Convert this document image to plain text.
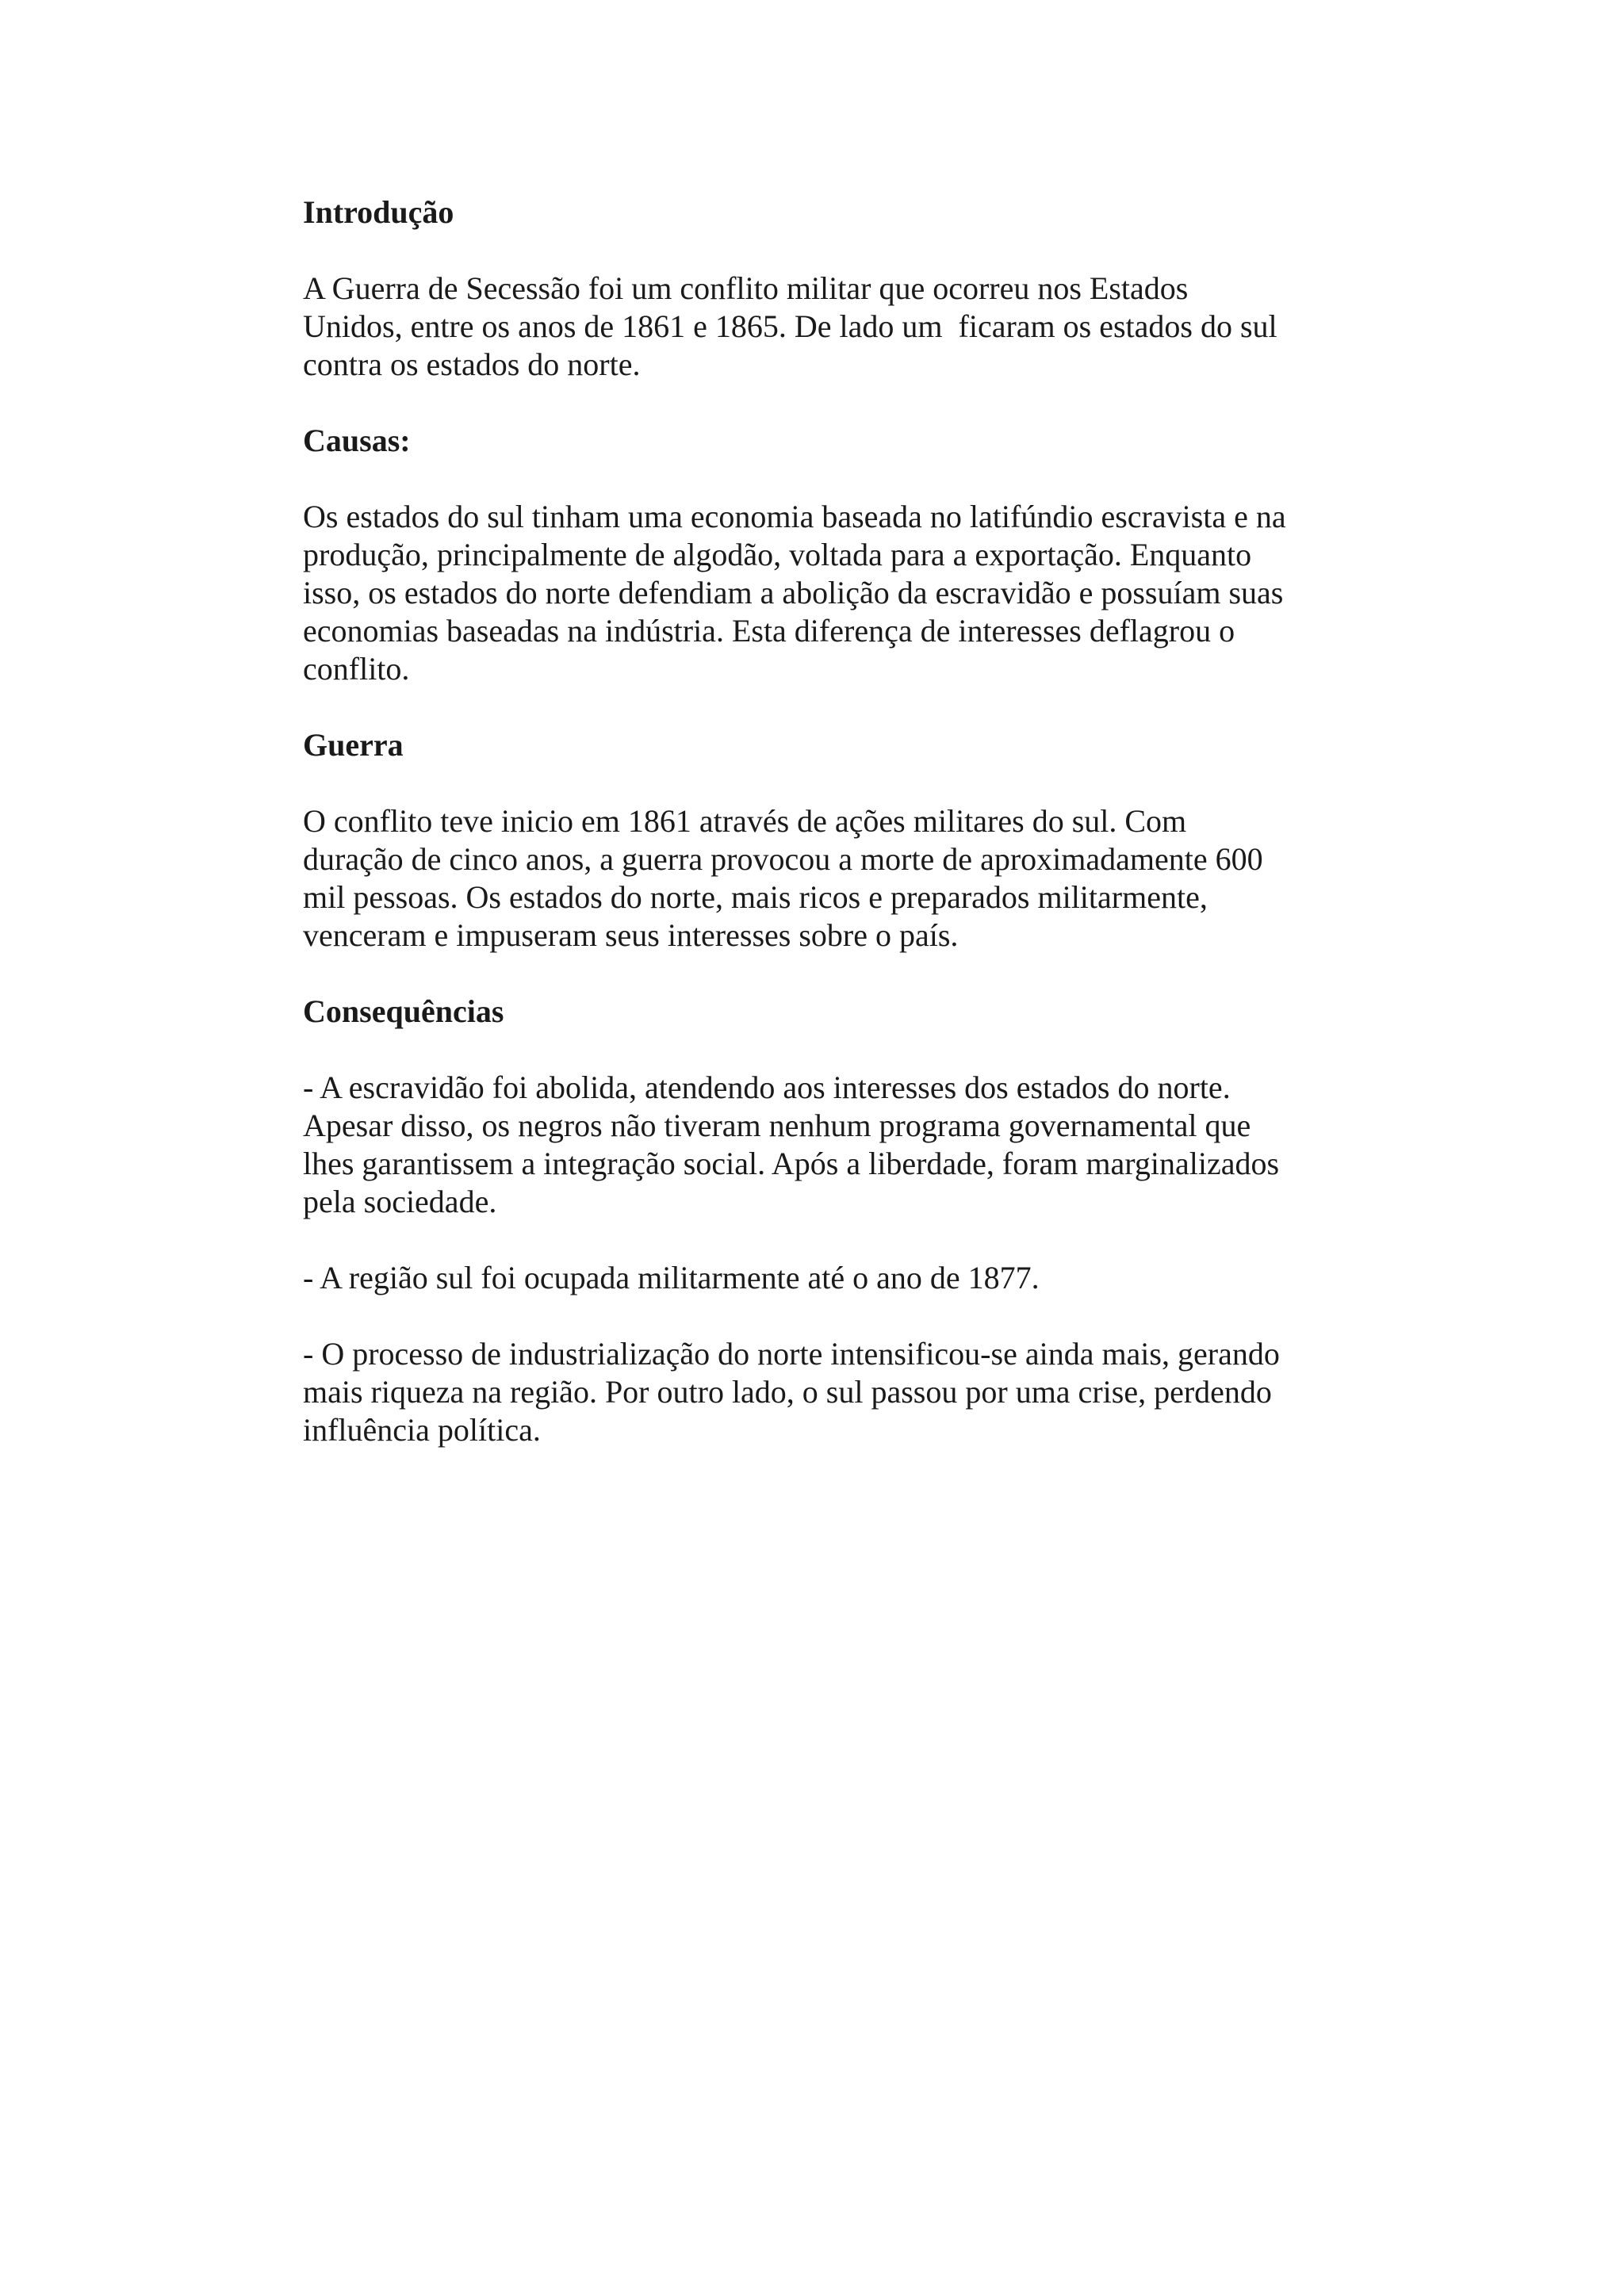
Introdução
A Guerra de Secessão foi um conflito militar que ocorreu nos Estados
Unidos, entre os anos de 1861 e 1865. De lado um  ficaram os estados do sul
contra os estados do norte.
Causas:
Os estados do sul tinham uma economia baseada no latifúndio escravista e na
produção, principalmente de algodão, voltada para a exportação. Enquanto
isso, os estados do norte defendiam a abolição da escravidão e possuíam suas
economias baseadas na indústria. Esta diferença de interesses deflagrou o
conflito.
Guerra
O conflito teve inicio em 1861 através de ações militares do sul. Com
duração de cinco anos, a guerra provocou a morte de aproximadamente 600
mil pessoas. Os estados do norte, mais ricos e preparados militarmente,
venceram e impuseram seus interesses sobre o país.
Consequências
- A escravidão foi abolida, atendendo aos interesses dos estados do norte.
Apesar disso, os negros não tiveram nenhum programa governamental que
lhes garantissem a integração social. Após a liberdade, foram marginalizados
pela sociedade.
- A região sul foi ocupada militarmente até o ano de 1877.
- O processo de industrialização do norte intensificou-se ainda mais, gerando
mais riqueza na região. Por outro lado, o sul passou por uma crise, perdendo
influência política.
